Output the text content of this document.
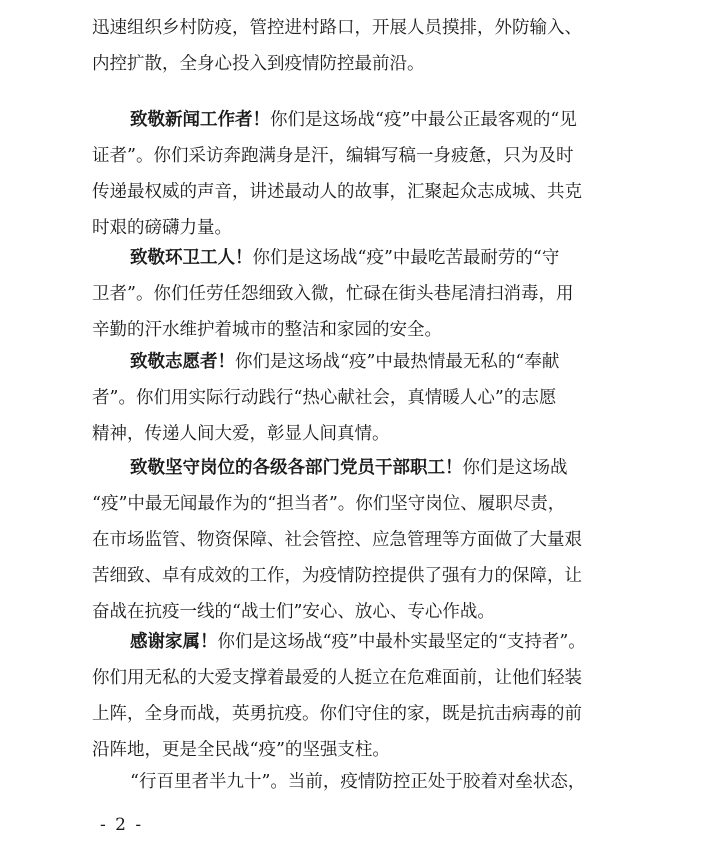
迅速组织乡村防疫，管控进村路口，开展人员摸排，外防输入、
内控扩散，全身心投入到疫情防控最前沿。
致敬新闻工作者！你们是这场战“疫”中最公正最客观的“见
证者”。你们采访奔跑满身是汗，编辑写稿一身疲惫，只为及时
传递最权威的声音，讲述最动人的故事，汇聚起众志成城、共克
时艰的磅礴力量。
致敬环卫工人！你们是这场战“疫”中最吃苦最耐劳的“守
卫者”。你们任劳任怨细致入微，忙碌在街头巷尾清扫消毒，用
辛勤的汗水维护着城市的整洁和家园的安全。
致敬志愿者！你们是这场战“疫”中最热情最无私的“奉献
者”。你们用实际行动践行“热心献社会，真情暖人心”的志愿
精神，传递人间大爱，彰显人间真情。
致敬坚守岗位的各级各部门党员干部职工！你们是这场战
“疫”中最无闻最作为的“担当者”。你们坚守岗位、履职尽责，
在市场监管、物资保障、社会管控、应急管理等方面做了大量艰
苦细致、卓有成效的工作，为疫情防控提供了强有力的保障，让
奋战在抗疫一线的“战士们”安心、放心、专心作战。
感谢家属！你们是这场战“疫”中最朴实最坚定的“支持者”。
你们用无私的大爱支撑着最爱的人挺立在危难面前，让他们轻装
上阵，全身而战，英勇抗疫。你们守住的家，既是抗击病毒的前
沿阵地，更是全民战“疫”的坚强支柱。
“行百里者半九十”。当前，疫情防控正处于胶着对垒状态，
- 2 -
